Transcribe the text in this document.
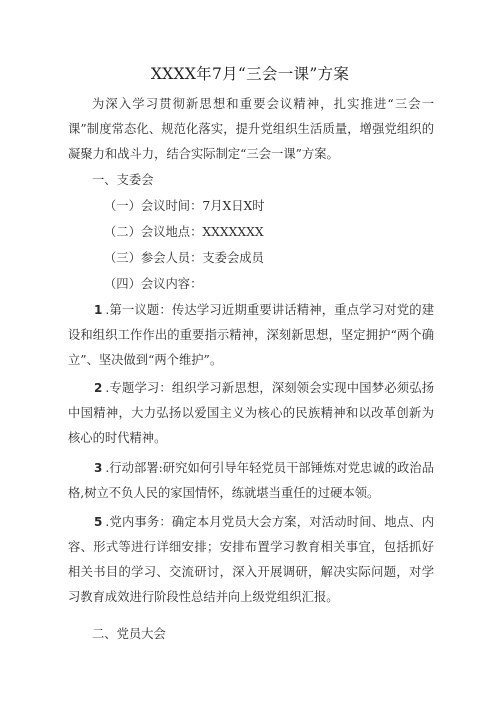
XXXX年7月“三会一课”方案

为深入学习贯彻新思想和重要会议精神，扎实推进“三会一课”制度常态化、规范化落实，提升党组织生活质量，增强党组织的凝聚力和战斗力，结合实际制定“三会一课”方案。

一、支委会
（一）会议时间：7月X日X时
（二）会议地点：XXXXXXX
（三）参会人员：支委会成员
（四）会议内容：
1 .第一议题：传达学习近期重要讲话精神，重点学习对党的建设和组织工作作出的重要指示精神，深刻新思想，坚定拥护“两个确立”、坚决做到“两个维护”。
2 .专题学习：组织学习新思想，深刻领会实现中国梦必须弘扬中国精神，大力弘扬以爱国主义为核心的民族精神和以改革创新为核心的时代精神。
3 .行动部署:研究如何引导年轻党员干部锤炼对党忠诚的政治品格,树立不负人民的家国情怀，练就堪当重任的过硬本领。
5 .党内事务：确定本月党员大会方案，对活动时间、地点、内容、形式等进行详细安排；安排布置学习教育相关事宜，包括抓好相关书目的学习、交流研讨，深入开展调研，解决实际问题，对学习教育成效进行阶段性总结并向上级党组织汇报。
二、党员大会
